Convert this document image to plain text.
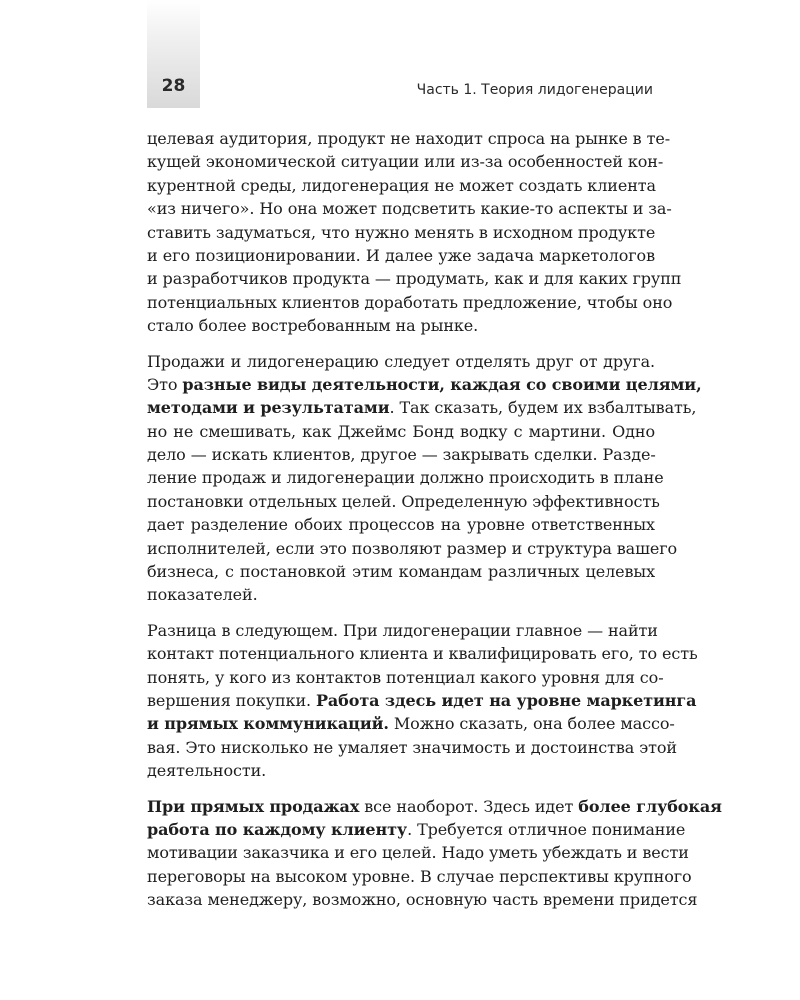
28	Часть 1. Теория лидогенерации
целевая аудитория, продукт не находит спроса на рынке в те-
кущей экономической ситуации или из-за особенностей кон-
курентной среды, лидогенерация не может создать клиента
«из ничего». Но она может подсветить какие-то аспекты и за-
ставить задуматься, что нужно менять в исходном продукте
и его позиционировании. И далее уже задача маркетологов
и разработчиков продукта — продумать, как и для каких групп
потенциальных клиентов доработать предложение, чтобы оно
стало более востребованным на рынке.
Продажи и лидогенерацию следует отделять друг от друга.
Это разные виды деятельности, каждая со своими целями,
методами и результатами. Так сказать, будем их взбалтывать,
но не смешивать, как Джеймс Бонд водку с мартини. Одно
дело — искать клиентов, другое — закрывать сделки. Разде-
ление продаж и лидогенерации должно происходить в плане
постановки отдельных целей. Определенную эффективность
дает разделение обоих процессов на уровне ответственных
исполнителей, если это позволяют размер и структура вашего
бизнеса, с постановкой этим командам различных целевых
показателей.
Разница в следующем. При лидогенерации главное — найти
контакт потенциального клиента и квалифицировать его, то есть
понять, у кого из контактов потенциал какого уровня для со-
вершения покупки. Работа здесь идет на уровне маркетинга
и прямых коммуникаций. Можно сказать, она более массо-
вая. Это нисколько не умаляет значимость и достоинства этой
деятельности.
При прямых продажах все наоборот. Здесь идет более глубокая
работа по каждому клиенту. Требуется отличное понимание
мотивации заказчика и его целей. Надо уметь убеждать и вести
переговоры на высоком уровне. В случае перспективы крупного
заказа менеджеру, возможно, основную часть времени придется
